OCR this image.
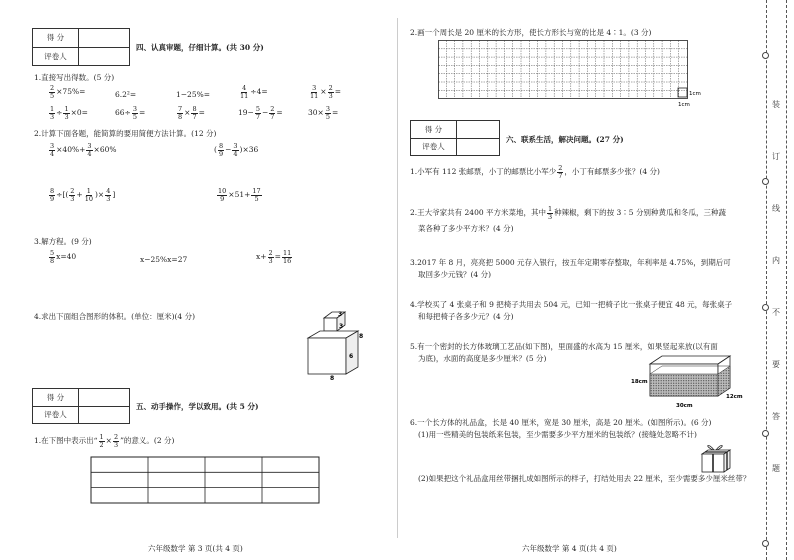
得 分
评卷人
四、认真审题，仔细计算。(共 30 分)
1.直接写出得数。(5 分)
$\frac{2}{5} \times 75\%=$	6.2²=	1−25%=	$\frac{4}{11} \div 4=$	$\frac{3}{11} \times \frac{2}{3}$ =
$\frac{1}{3} \div \frac{1}{3} \times 0=$	$66\div \frac{3}{5}$ =	$\frac{7}{8} \times \frac{8}{7}$ =	$19- \frac{5}{7} - \frac{2}{7}$ =	$30\times \frac{3}{5}$ =
2.计算下面各题，能简算的要用简便方法计算。(12 分)
$\frac{3}{4} \times 40\%+ \frac{3}{4} \times 60\%$	( $\frac{8}{9} - \frac{3}{4} )\times 36$
$\frac{8}{9}$ ÷[( $\frac{2}{3} + \frac{1}{10}$ )× $\frac{4}{3}$ ]	$\frac{10}{9} \times 51+ \frac{17}{5}$
3.解方程。(9 分)
$\frac{5}{8} x=40$	x−25%x=27	$x+ \frac{2}{3} = \frac{11}{16}$
4.求出下面组合图形的体积。(单位：厘米)(4 分)	3
3
8
6
8
得 分
评卷人
五、动手操作，学以致用。(共 5 分)
1.在下图中表示出“ $\frac{1}{2} \times \frac{2}{3}$ ”的意义。(2 分)
六年级数学 第 3 页(共 4 页)
2.画一个周长是 20 厘米的长方形，使长方形长与宽的比是 4∶1。(3 分)
1cm
1cm
得 分
评卷人
六、联系生活，解决问题。(27 分)
1.小军有 112 张邮票，小丁的邮票比小军少 $\frac{2}{7}$ ，小丁有邮票多少张？(4 分)
2.王大爷家共有 2400 平方米菜地，其中 $\frac{1}{3}$ 种辣椒，剩下的按 3∶5 分别种黄瓜和冬瓜，三种蔬
菜各种了多少平方米？(4 分)
3.2017 年 8 月，亮亮把 5000 元存入银行，按五年定期零存整取，年利率是 4.75%，到期后可
取回多少元钱？(4 分)
4.学校买了 4 张桌子和 9 把椅子共用去 504 元，已知一把椅子比一张桌子便宜 48 元，每张桌子
和每把椅子各多少元？(4 分)
5.有一个密封的长方体玻璃工艺品(如下图)，里面盛的水高为 15 厘米，如果竖起来放(以有面
为底)，水面的高度是多少厘米？(5 分)
18cm
30cm
12cm
6.一个长方体的礼品盒，长是 40 厘米，宽是 30 厘米，高是 20 厘米。(如图所示)。(6 分)
(1)用一些精美的包装纸来包装，至少需要多少平方厘米的包装纸？(接缝处忽略不计)
(2)如果把这个礼品盒用丝带捆扎成如图所示的样子，打结处用去 22 厘米，至少需要多少厘米丝带？
六年级数学 第 4 页(共 4 页)
装
订
线
内
不
要
答
题
